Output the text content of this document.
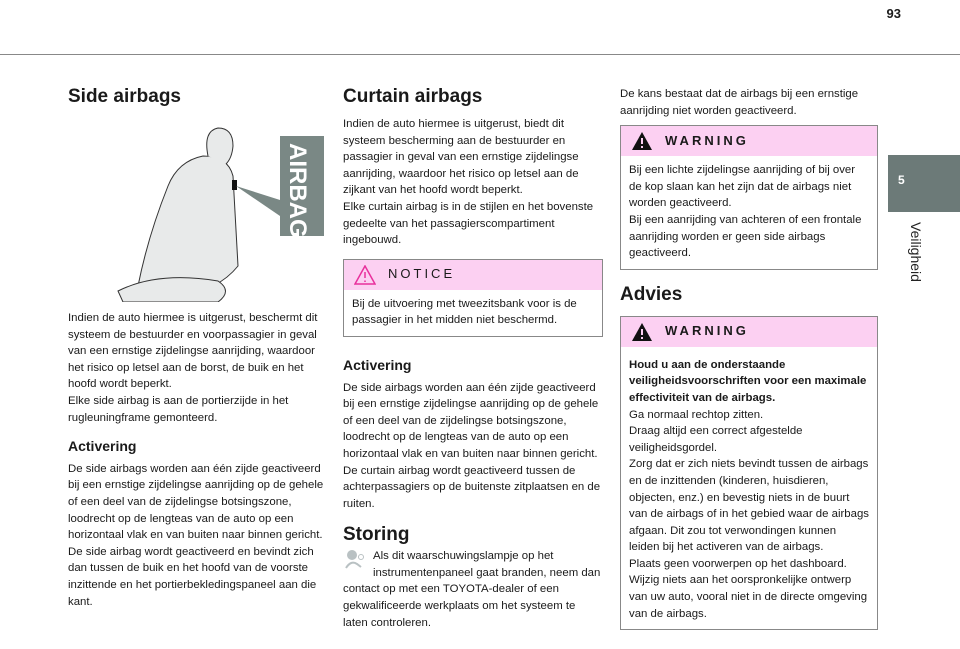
93
5
Veiligheid
Side airbags
AIRBAG

Indien de auto hiermee is uitgerust, beschermt dit systeem de bestuurder en voorpassagier in geval van een ernstige zijdelingse aanrijding, waardoor het risico op letsel aan de borst, de buik en het hoofd wordt beperkt.
Elke side airbag is aan de portierzijde in het rugleuningframe gemonteerd.

Activering

De side airbags worden aan één zijde geactiveerd bij een ernstige zijdelingse aanrijding op de gehele of een deel van de zijdelingse botsingszone, loodrecht op de lengteas van de auto op een horizontaal vlak en van buiten naar binnen gericht.
De side airbag wordt geactiveerd en bevindt zich dan tussen de buik en het hoofd van de voorste inzittende en het portierbekledingspaneel aan die kant.

Curtain airbags

Indien de auto hiermee is uitgerust, biedt dit systeem bescherming aan de bestuurder en passagier in geval van een ernstige zijdelingse aanrijding, waardoor het risico op letsel aan de zijkant van het hoofd wordt beperkt.
Elke curtain airbag is in de stijlen en het bovenste gedeelte van het passagierscompartiment ingebouwd.

NOTICE
Bij de uitvoering met tweezitsbank voor is de passagier in het midden niet beschermd.
Activering

De side airbags worden aan één zijde geactiveerd bij een ernstige zijdelingse aanrijding op de gehele of een deel van de zijdelingse botsingszone, loodrecht op de lengteas van de auto op een horizontaal vlak en van buiten naar binnen gericht.
De curtain airbag wordt geactiveerd tussen de achterpassagiers op de buitenste zitplaatsen en de ruiten.

Storing

Als dit waarschuwingslampje op het instrumentenpaneel gaat branden, neem dan contact op met een TOYOTA-dealer of een gekwalificeerde werkplaats om het systeem te laten controleren.

De kans bestaat dat de airbags bij een ernstige aanrijding niet worden geactiveerd.

WARNING
Bij een lichte zijdelingse aanrijding of bij over de kop slaan kan het zijn dat de airbags niet worden geactiveerd.
Bij een aanrijding van achteren of een frontale aanrijding worden er geen side airbags geactiveerd.
Advies
WARNING

Houd u aan de onderstaande veiligheidsvoorschriften voor een maximale effectiviteit van de airbags.

Ga normaal rechtop zitten.
Draag altijd een correct afgestelde veiligheidsgordel.
Zorg dat er zich niets bevindt tussen de airbags en de inzittenden (kinderen, huisdieren, objecten, enz.) en bevestig niets in de buurt van de airbags of in het gebied waar de airbags afgaan. Dit zou tot verwondingen kunnen leiden bij het activeren van de airbags.
Plaats geen voorwerpen op het dashboard.
Wijzig niets aan het oorspronkelijke ontwerp van uw auto, vooral niet in de directe omgeving van de airbags.
